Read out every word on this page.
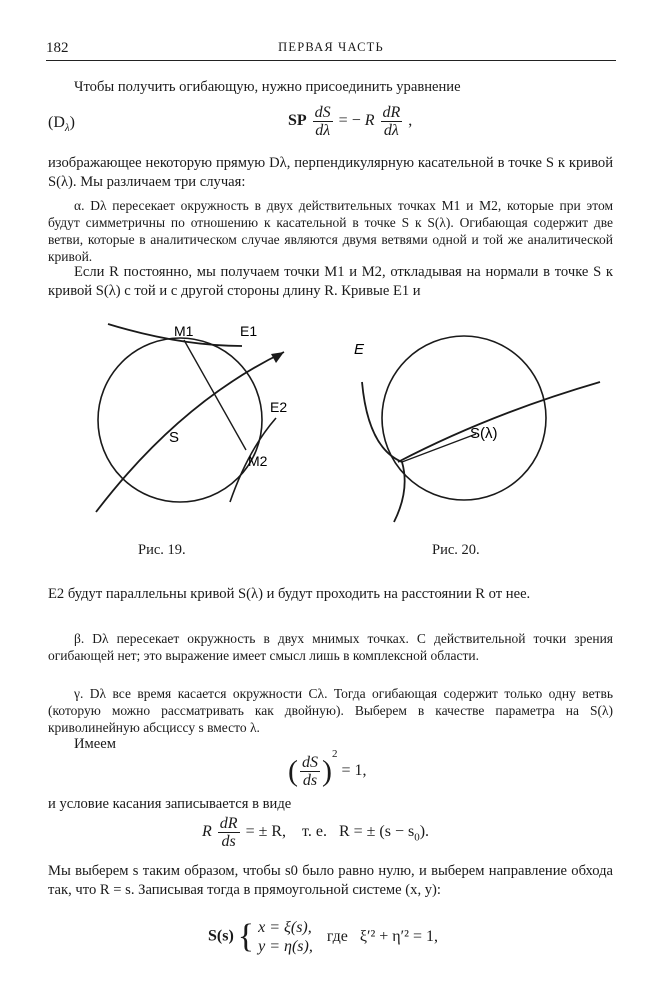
182	ПЕРВАЯ ЧАСТЬ
Чтобы получить огибающую, нужно присоединить уравнение
$(D_\lambda)$	SP $\frac{dS}{d\lambda}$ = − R $\frac{dR}{d\lambda}$ ,
изображающее некоторую прямую Dλ, перпендикулярную касательной в точке S к кривой S(λ). Мы различаем три случая:
α. Dλ пересекает окружность в двух действительных точках M1 и M2, которые при этом будут симметричны по отношению к касательной в точке S к S(λ). Огибающая содержит две ветви, которые в аналитическом случае являются двумя ветвями одной и той же аналитической кривой.
Если R постоянно, мы получаем точки M1 и M2, откладывая на нормали в точке S к кривой S(λ) с той и с другой стороны длину R. Кривые E1 и
M1	E1
E2
S
M2
Рис. 19.
E
S(λ)
Рис. 20.
E2 будут параллельны кривой S(λ) и будут проходить на расстоянии R от нее.
β. Dλ пересекает окружность в двух мнимых точках. С действительной точки зрения огибающей нет; это выражение имеет смысл лишь в комплексной области.
γ. Dλ все время касается окружности Cλ. Тогда огибающая содержит только одну ветвь (которую можно рассматривать как двойную). Выберем в качестве параметра на S(λ) криволинейную абсциссу s вместо λ.
Имеем
( $\frac{dS}{ds} )^2 = 1$,
и условие касания записывается в виде
R $\frac{dR}{ds}$ = ± R, т. е. R = ± $(s - s_0)$.
Мы выберем s таким образом, чтобы s0 было равно нулю, и выберем направление обхода так, что R = s. Записывая тогда в прямоугольной системе (x, y):
S(s) { x = ξ(s),
y = η(s),
где ξ′² + η′² = 1,
